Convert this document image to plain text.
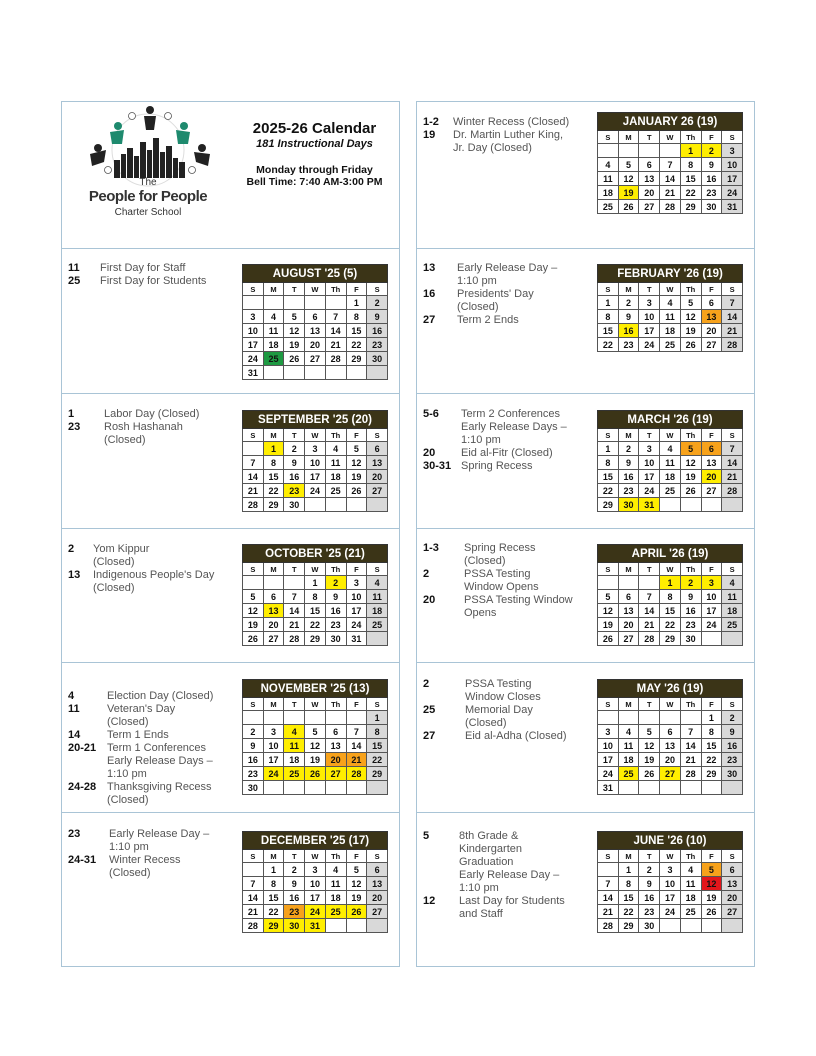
The
People for People
Charter School
2025-26 Calendar
181 Instructional Days
Monday through Friday
Bell Time: 7:40 AM-3:00 PM
AUGUST '25 (5)						
S	M	T	W	Th	F	S
					1	2
3	4	5	6	7	8	9
10	11	12	13	14	15	16
17	18	19	20	21	22	23
24	25	26	27	28	29	30
31						
11 First Day for Staff
25 First Day for Students
SEPTEMBER '25 (20)						
S	M	T	W	Th	F	S
	1	2	3	4	5	6
7	8	9	10	11	12	13
14	15	16	17	18	19	20
21	22	23	24	25	26	27
28	29	30				
1	Labor Day (Closed)
23 Rosh Hashanah
(Closed)
OCTOBER '25 (21)						
S	M	T	W	Th	F	S
			1	2	3	4
5	6	7	8	9	10	11
12	13	14	15	16	17	18
19	20	21	22	23	24	25
26	27	28	29	30	31	
2 Yom Kippur
(Closed)
13 Indigenous People's Day
(Closed)
NOVEMBER '25 (13)						
S	M	T	W	Th	F	S
						1
2	3	4	5	6	7	8
9	10	11	12	13	14	15
16	17	18	19	20	21	22
23	24	25	26	27	28	29
30						
4	Election Day (Closed)
11 Veteran's Day
(Closed)
14 Term 1 Ends
20-21 Term 1 Conferences
Early Release Days –
1:10 pm
24-28 Thanksgiving Recess
(Closed)
DECEMBER '25 (17)						
S	M	T	W	Th	F	S
	1	2	3	4	5	6
7	8	9	10	11	12	13
14	15	16	17	18	19	20
21	22	23	24	25	26	27
28	29	30	31			
23	Early Release Day –
1:10 pm
24-31 Winter Recess
(Closed)
JANUARY 26 (19)						
S	M	T	W	Th	F	S
				1	2	3
4	5	6	7	8	9	10
11	12	13	14	15	16	17
18	19	20	21	22	23	24
25	26	27	28	29	30	31
1-2 Winter Recess (Closed)
19 Dr. Martin Luther King,
Jr. Day (Closed)
FEBRUARY '26 (19)						
S	M	T	W	Th	F	S
1	2	3	4	5	6	7
8	9	10	11	12	13	14
15	16	17	18	19	20	21
22	23	24	25	26	27	28
13 Early Release Day –
1:10 pm
16 Presidents' Day
(Closed)
27 Term 2 Ends
MARCH '26 (19)						
S	M	T	W	Th	F	S
1	2	3	4	5	6	7
8	9	10	11	12	13	14
15	16	17	18	19	20	21
22	23	24	25	26	27	28
29	30	31				
5-6 Term 2 Conferences
Early Release Days –
1:10 pm
20 Eid al-Fitr (Closed)
30-31 Spring Recess
APRIL '26 (19)						
S	M	T	W	Th	F	S
			1	2	3	4
5	6	7	8	9	10	11
12	13	14	15	16	17	18
19	20	21	22	23	24	25
26	27	28	29	30		
1-3 Spring Recess
(Closed)
2	PSSA Testing
Window Opens
20	PSSA Testing Window
Opens
MAY '26 (19)						
S	M	T	W	Th	F	S
					1	2
3	4	5	6	7	8	9
10	11	12	13	14	15	16
17	18	19	20	21	22	23
24	25	26	27	28	29	30
31						
2	PSSA Testing
Window Closes
25	Memorial Day
(Closed)
27	Eid al-Adha (Closed)
JUNE '26 (10)						
S	M	T	W	Th	F	S
	1	2	3	4	5	6
7	8	9	10	11	12	13
14	15	16	17	18	19	20
21	22	23	24	25	26	27
28	29	30				
5	8th Grade &
Kindergarten
Graduation
Early Release Day –
1:10 pm
12 Last Day for Students
and Staff
